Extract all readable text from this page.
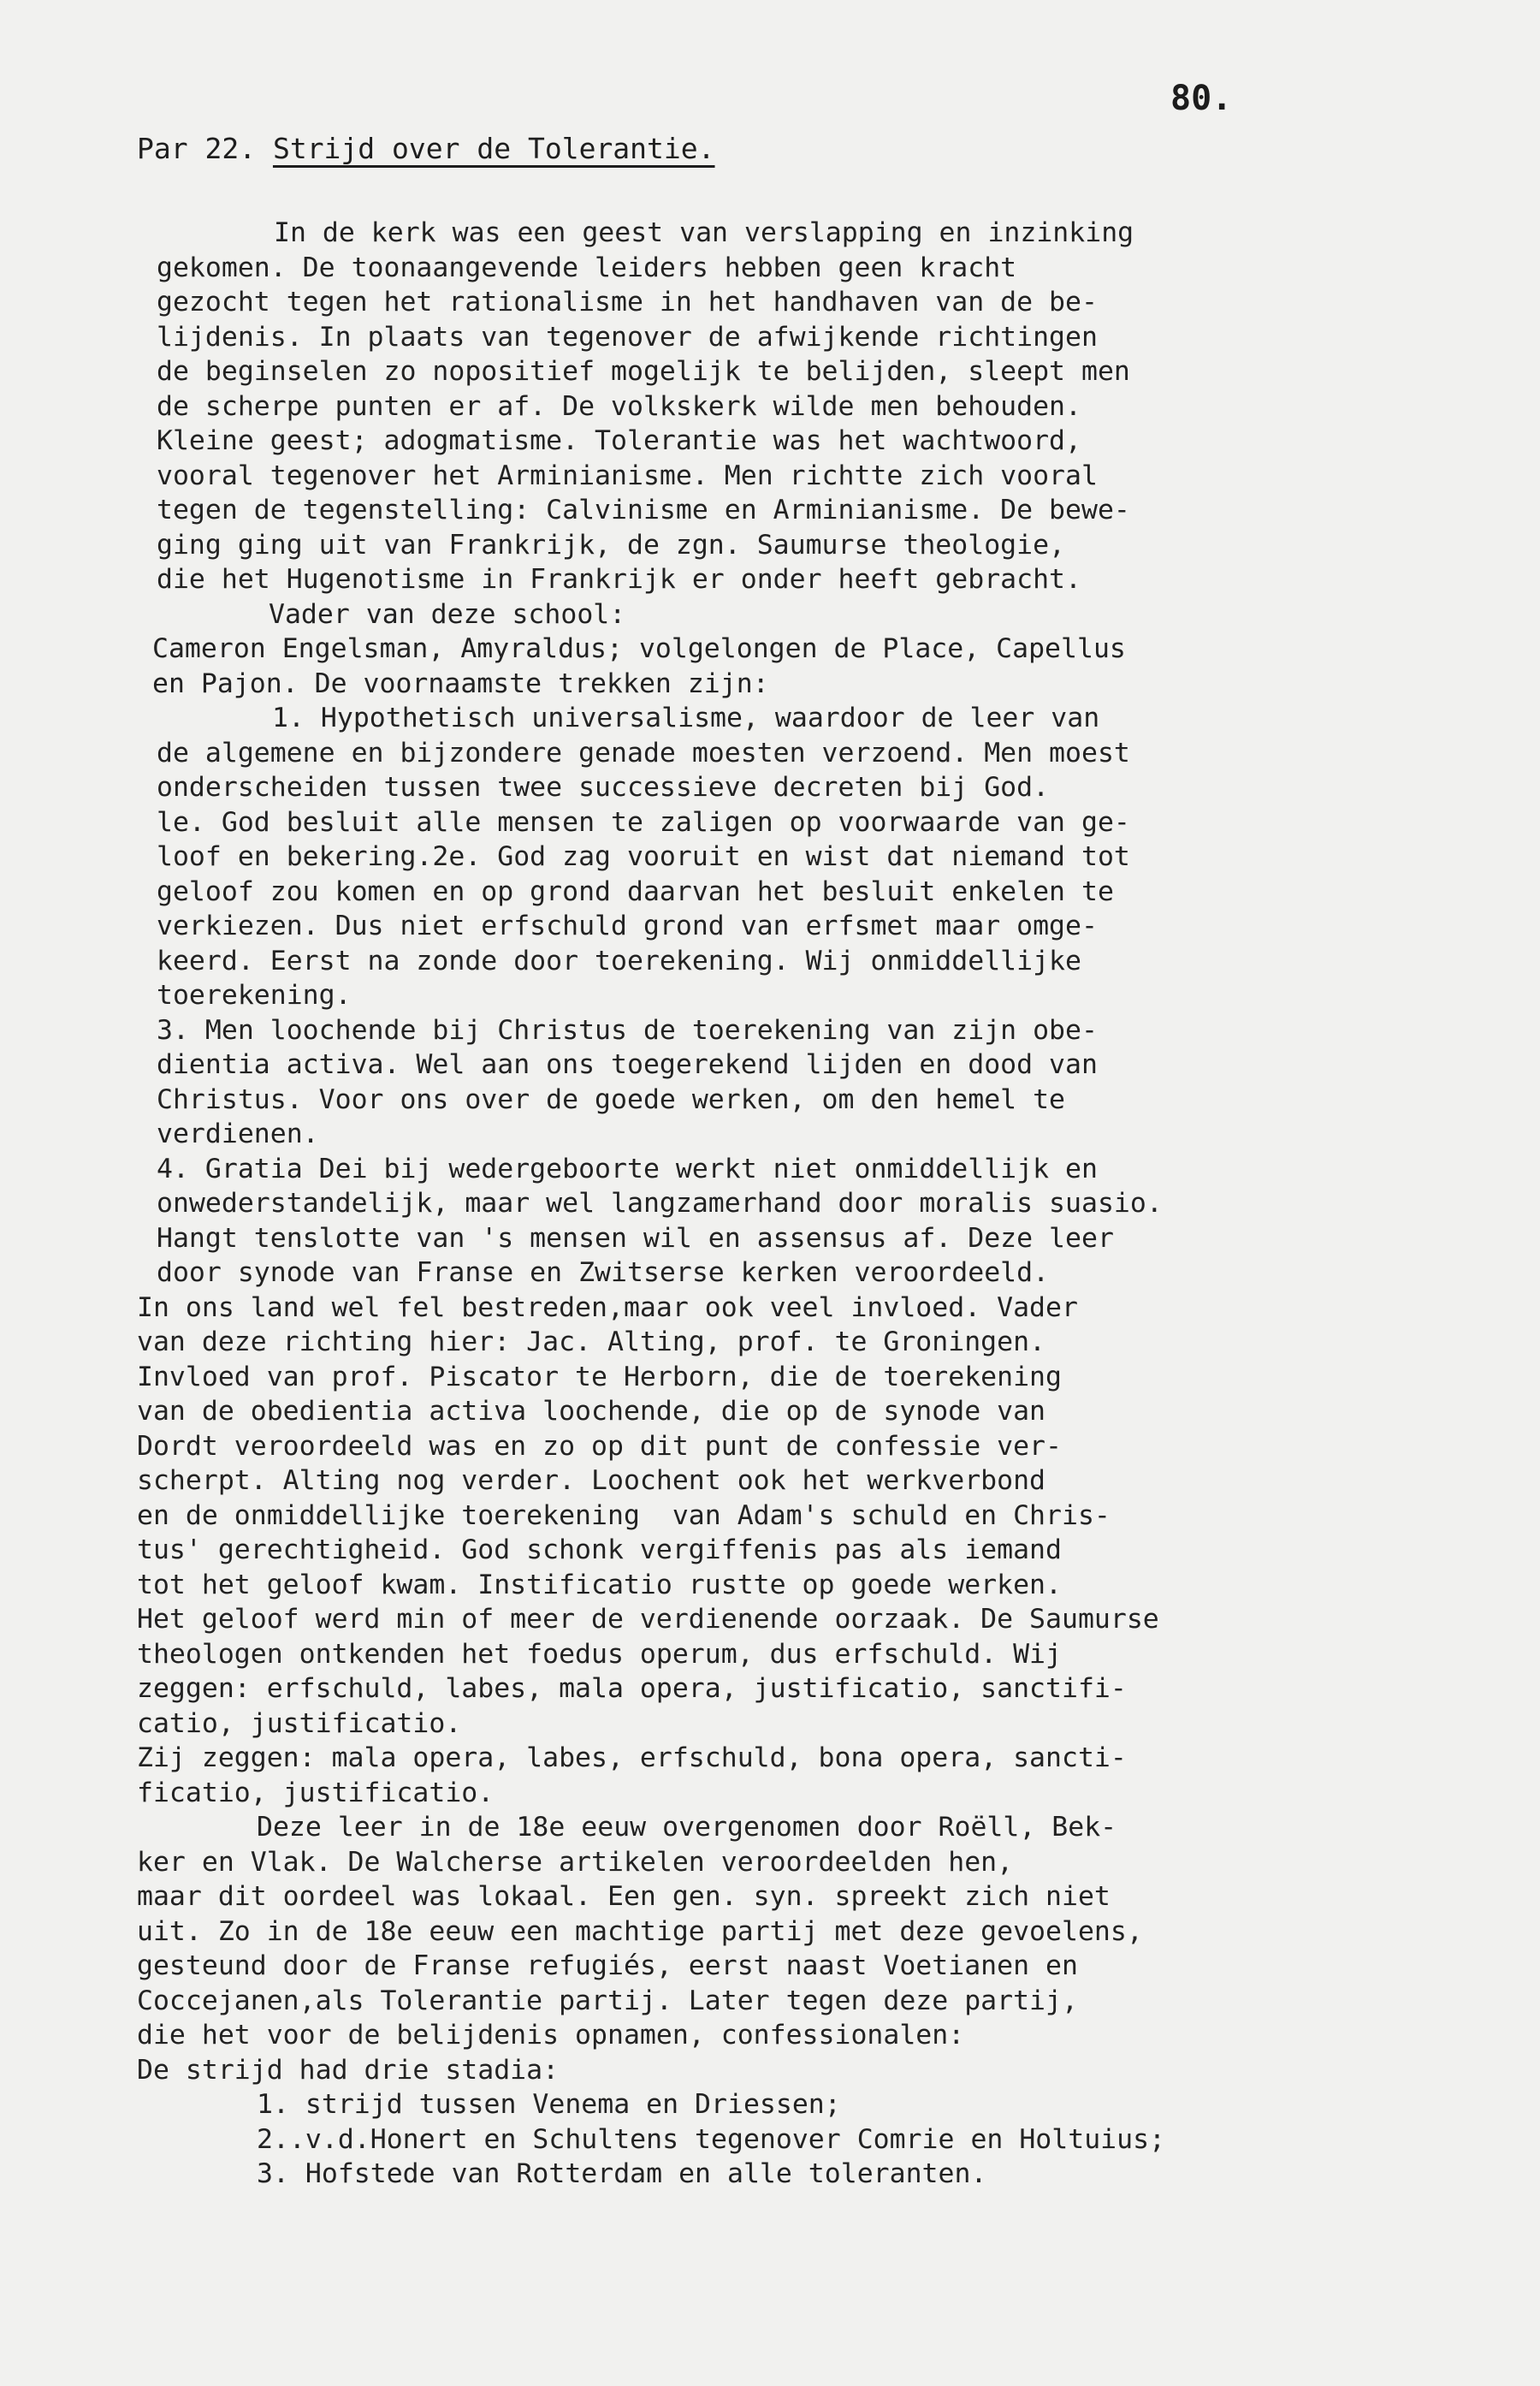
80.
Par 22. Strijd over de Tolerantie.
In de kerk was een geest van verslapping en inzinking
gekomen. De toonaangevende leiders hebben geen kracht
gezocht tegen het rationalisme in het handhaven van de be-
lijdenis. In plaats van tegenover de afwijkende richtingen
de beginselen zo nopositief mogelijk te belijden, sleept men
de scherpe punten er af. De volkskerk wilde men behouden.
Kleine geest; adogmatisme. Tolerantie was het wachtwoord,
vooral tegenover het Arminianisme. Men richtte zich vooral
tegen de tegenstelling: Calvinisme en Arminianisme. De bewe-
ging ging uit van Frankrijk, de zgn. Saumurse theologie,
die het Hugenotisme in Frankrijk er onder heeft gebracht.
Vader van deze school:
Cameron Engelsman, Amyraldus; volgelongen de Place, Capellus
en Pajon. De voornaamste trekken zijn:
1. Hypothetisch universalisme, waardoor de leer van
de algemene en bijzondere genade moesten verzoend. Men moest
onderscheiden tussen twee successieve decreten bij God.
le. God besluit alle mensen te zaligen op voorwaarde van ge-
loof en bekering.2e. God zag vooruit en wist dat niemand tot
geloof zou komen en op grond daarvan het besluit enkelen te
verkiezen. Dus niet erfschuld grond van erfsmet maar omge-
keerd. Eerst na zonde door toerekening. Wij onmiddellijke
toerekening.
3. Men loochende bij Christus de toerekening van zijn obe-
dientia activa. Wel aan ons toegerekend lijden en dood van
Christus. Voor ons over de goede werken, om den hemel te
verdienen.
4. Gratia Dei bij wedergeboorte werkt niet onmiddellijk en
onwederstandelijk, maar wel langzamerhand door moralis suasio.
Hangt tenslotte van 's mensen wil en assensus af. Deze leer
door synode van Franse en Zwitserse kerken veroordeeld.
In ons land wel fel bestreden,maar ook veel invloed. Vader
van deze richting hier: Jac. Alting, prof. te Groningen.
Invloed van prof. Piscator te Herborn, die de toerekening
van de obedientia activa loochende, die op de synode van
Dordt veroordeeld was en zo op dit punt de confessie ver-
scherpt. Alting nog verder. Loochent ook het werkverbond
en de onmiddellijke toerekening  van Adam's schuld en Chris-
tus' gerechtigheid. God schonk vergiffenis pas als iemand
tot het geloof kwam. Instificatio rustte op goede werken.
Het geloof werd min of meer de verdienende oorzaak. De Saumurse
theologen ontkenden het foedus operum, dus erfschuld. Wij
zeggen: erfschuld, labes, mala opera, justificatio, sanctifi-
catio, justificatio.
Zij zeggen: mala opera, labes, erfschuld, bona opera, sancti-
ficatio, justificatio.
Deze leer in de 18e eeuw overgenomen door Roëll, Bek-
ker en Vlak. De Walcherse artikelen veroordeelden hen,
maar dit oordeel was lokaal. Een gen. syn. spreekt zich niet
uit. Zo in de 18e eeuw een machtige partij met deze gevoelens,
gesteund door de Franse refugiés, eerst naast Voetianen en
Coccejanen,als Tolerantie partij. Later tegen deze partij,
die het voor de belijdenis opnamen, confessionalen:
De strijd had drie stadia:
1. strijd tussen Venema en Driessen;
2..v.d.Honert en Schultens tegenover Comrie en Holtuius;
3. Hofstede van Rotterdam en alle toleranten.
